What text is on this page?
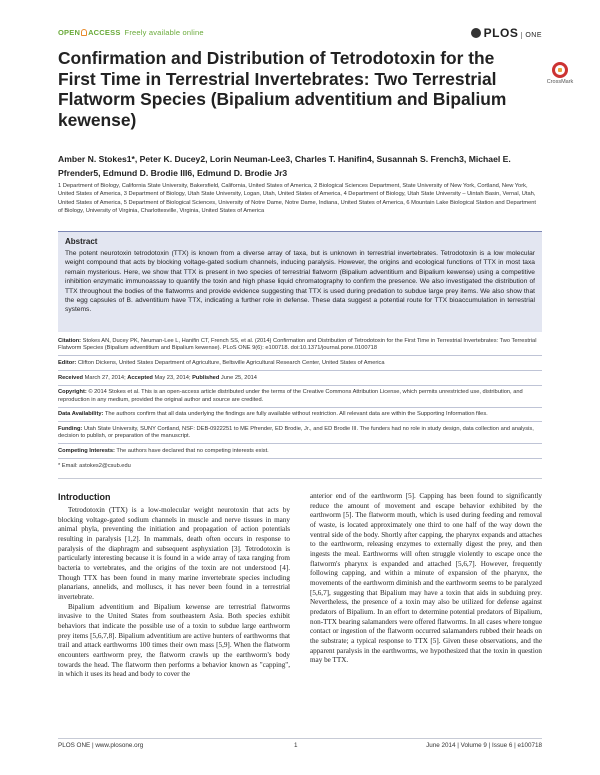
OPEN ACCESS Freely available online	PLOS ONE
Confirmation and Distribution of Tetrodotoxin for the First Time in Terrestrial Invertebrates: Two Terrestrial Flatworm Species (Bipalium adventitium and Bipalium kewense)
CrossMark
Amber N. Stokes1*, Peter K. Ducey2, Lorin Neuman-Lee3, Charles T. Hanifin4, Susannah S. French3, Michael E. Pfrender5, Edmund D. Brodie III6, Edmund D. Brodie Jr3
1 Department of Biology, California State University, Bakersfield, California, United States of America, 2 Biological Sciences Department, State University of New York, Cortland, New York, United States of America, 3 Department of Biology, Utah State University, Logan, Utah, United States of America, 4 Department of Biology, Utah State University – Uintah Basin, Vernal, Utah, United States of America, 5 Department of Biological Sciences, University of Notre Dame, Notre Dame, Indiana, United States of America, 6 Mountain Lake Biological Station and Department of Biology, University of Virginia, Charlottesville, Virginia, United States of America
Abstract
The potent neurotoxin tetrodotoxin (TTX) is known from a diverse array of taxa, but is unknown in terrestrial invertebrates. Tetrodotoxin is a low molecular weight compound that acts by blocking voltage-gated sodium channels, inducing paralysis. However, the origins and ecological functions of TTX in most taxa remain mysterious. Here, we show that TTX is present in two species of terrestrial flatworm (Bipalium adventitium and Bipalium kewense) using a competitive inhibition enzymatic immunoassay to quantify the toxin and high phase liquid chromatography to confirm the presence. We also investigated the distribution of TTX throughout the bodies of the flatworms and provide evidence suggesting that TTX is used during predation to subdue large prey items. We also show that the egg capsules of B. adventitium have TTX, indicating a further role in defense. These data suggest a potential route for TTX bioaccumulation in terrestrial systems.
Citation: Stokes AN, Ducey PK, Neuman-Lee L, Hanifin CT, French SS, et al. (2014) Confirmation and Distribution of Tetrodotoxin for the First Time in Terrestrial Invertebrates: Two Terrestrial Flatworm Species (Bipalium adventitium and Bipalium kewense). PLoS ONE 9(6): e100718. doi:10.1371/journal.pone.0100718
Editor: Clifton Dickens, United States Department of Agriculture, Beltsville Agricultural Research Center, United States of America
Received March 27, 2014; Accepted May 23, 2014; Published June 25, 2014
Copyright: © 2014 Stokes et al. This is an open-access article distributed under the terms of the Creative Commons Attribution License, which permits unrestricted use, distribution, and reproduction in any medium, provided the original author and source are credited.
Data Availability: The authors confirm that all data underlying the findings are fully available without restriction. All relevant data are within the Supporting Information files.
Funding: Utah State University, SUNY Cortland, NSF: DEB-0922251 to ME Pfrender, ED Brodie, Jr., and ED Brodie III. The funders had no role in study design, data collection and analysis, decision to publish, or preparation of the manuscript.
Competing Interests: The authors have declared that no competing interests exist.
* Email: astokes2@csub.edu
Introduction

Tetrodotoxin (TTX) is a low-molecular weight neurotoxin that acts by blocking voltage-gated sodium channels in muscle and nerve tissues in many animal phyla, preventing the initiation and propagation of action potentials resulting in paralysis [1,2]. In mammals, death often occurs in response to paralysis of the diaphragm and subsequent asphyxiation [3]. Tetrodotoxin is particularly interesting because it is found in a wide array of taxa ranging from bacteria to vertebrates, and the origins of the toxin are not understood [4]. Though TTX has been found in many marine invertebrate species including planarians, annelids, and molluscs, it has never been found in a terrestrial invertebrate.

Bipalium adventitium and Bipalium kewense are terrestrial flatworms invasive to the United States from southeastern Asia. Both species exhibit behaviors that indicate the possible use of a toxin to subdue large earthworm prey items [5,6,7,8]. Bipalium adventitium are active hunters of earthworms that trail and attack earthworms 100 times their own mass [5,9]. When the flatworm encounters earthworm prey, the flatworm crawls up the earthworm's body towards the head. The flatworm then performs a behavior known as "capping", in which it uses its head and body to cover the

anterior end of the earthworm [5]. Capping has been found to significantly reduce the amount of movement and escape behavior exhibited by the earthworm [5]. The flatworm mouth, which is used during feeding and removal of waste, is located approximately one third to one half of the way down the ventral side of the body. Shortly after capping, the pharynx expands and attaches to the earthworm, releasing enzymes to externally digest the prey, and then ingests the meal. Earthworms will often struggle violently to escape once the flatworm's pharynx is expanded and attached [5,6,7]. However, frequently following capping, and within a minute of expansion of the pharynx, the movements of the earthworm diminish and the earthworm seems to be paralyzed [5,6,7], suggesting that Bipalium may have a toxin that aids in subduing prey. Nevertheless, the presence of a toxin may also be utilized for defense against predators of Bipalium. In an effort to determine potential predators of Bipalium, non-TTX bearing salamanders were offered flatworms. In all cases where tongue contact or ingestion of the flatworm occurred salamanders rubbed their heads on the substrate; a typical response to TTX [5]. Given these observations, and the apparent paralysis in the earthworms, we hypothesized that the toxin in question may be TTX.

PLOS ONE | www.plosone.org	1	June 2014 | Volume 9 | Issue 6 | e100718
